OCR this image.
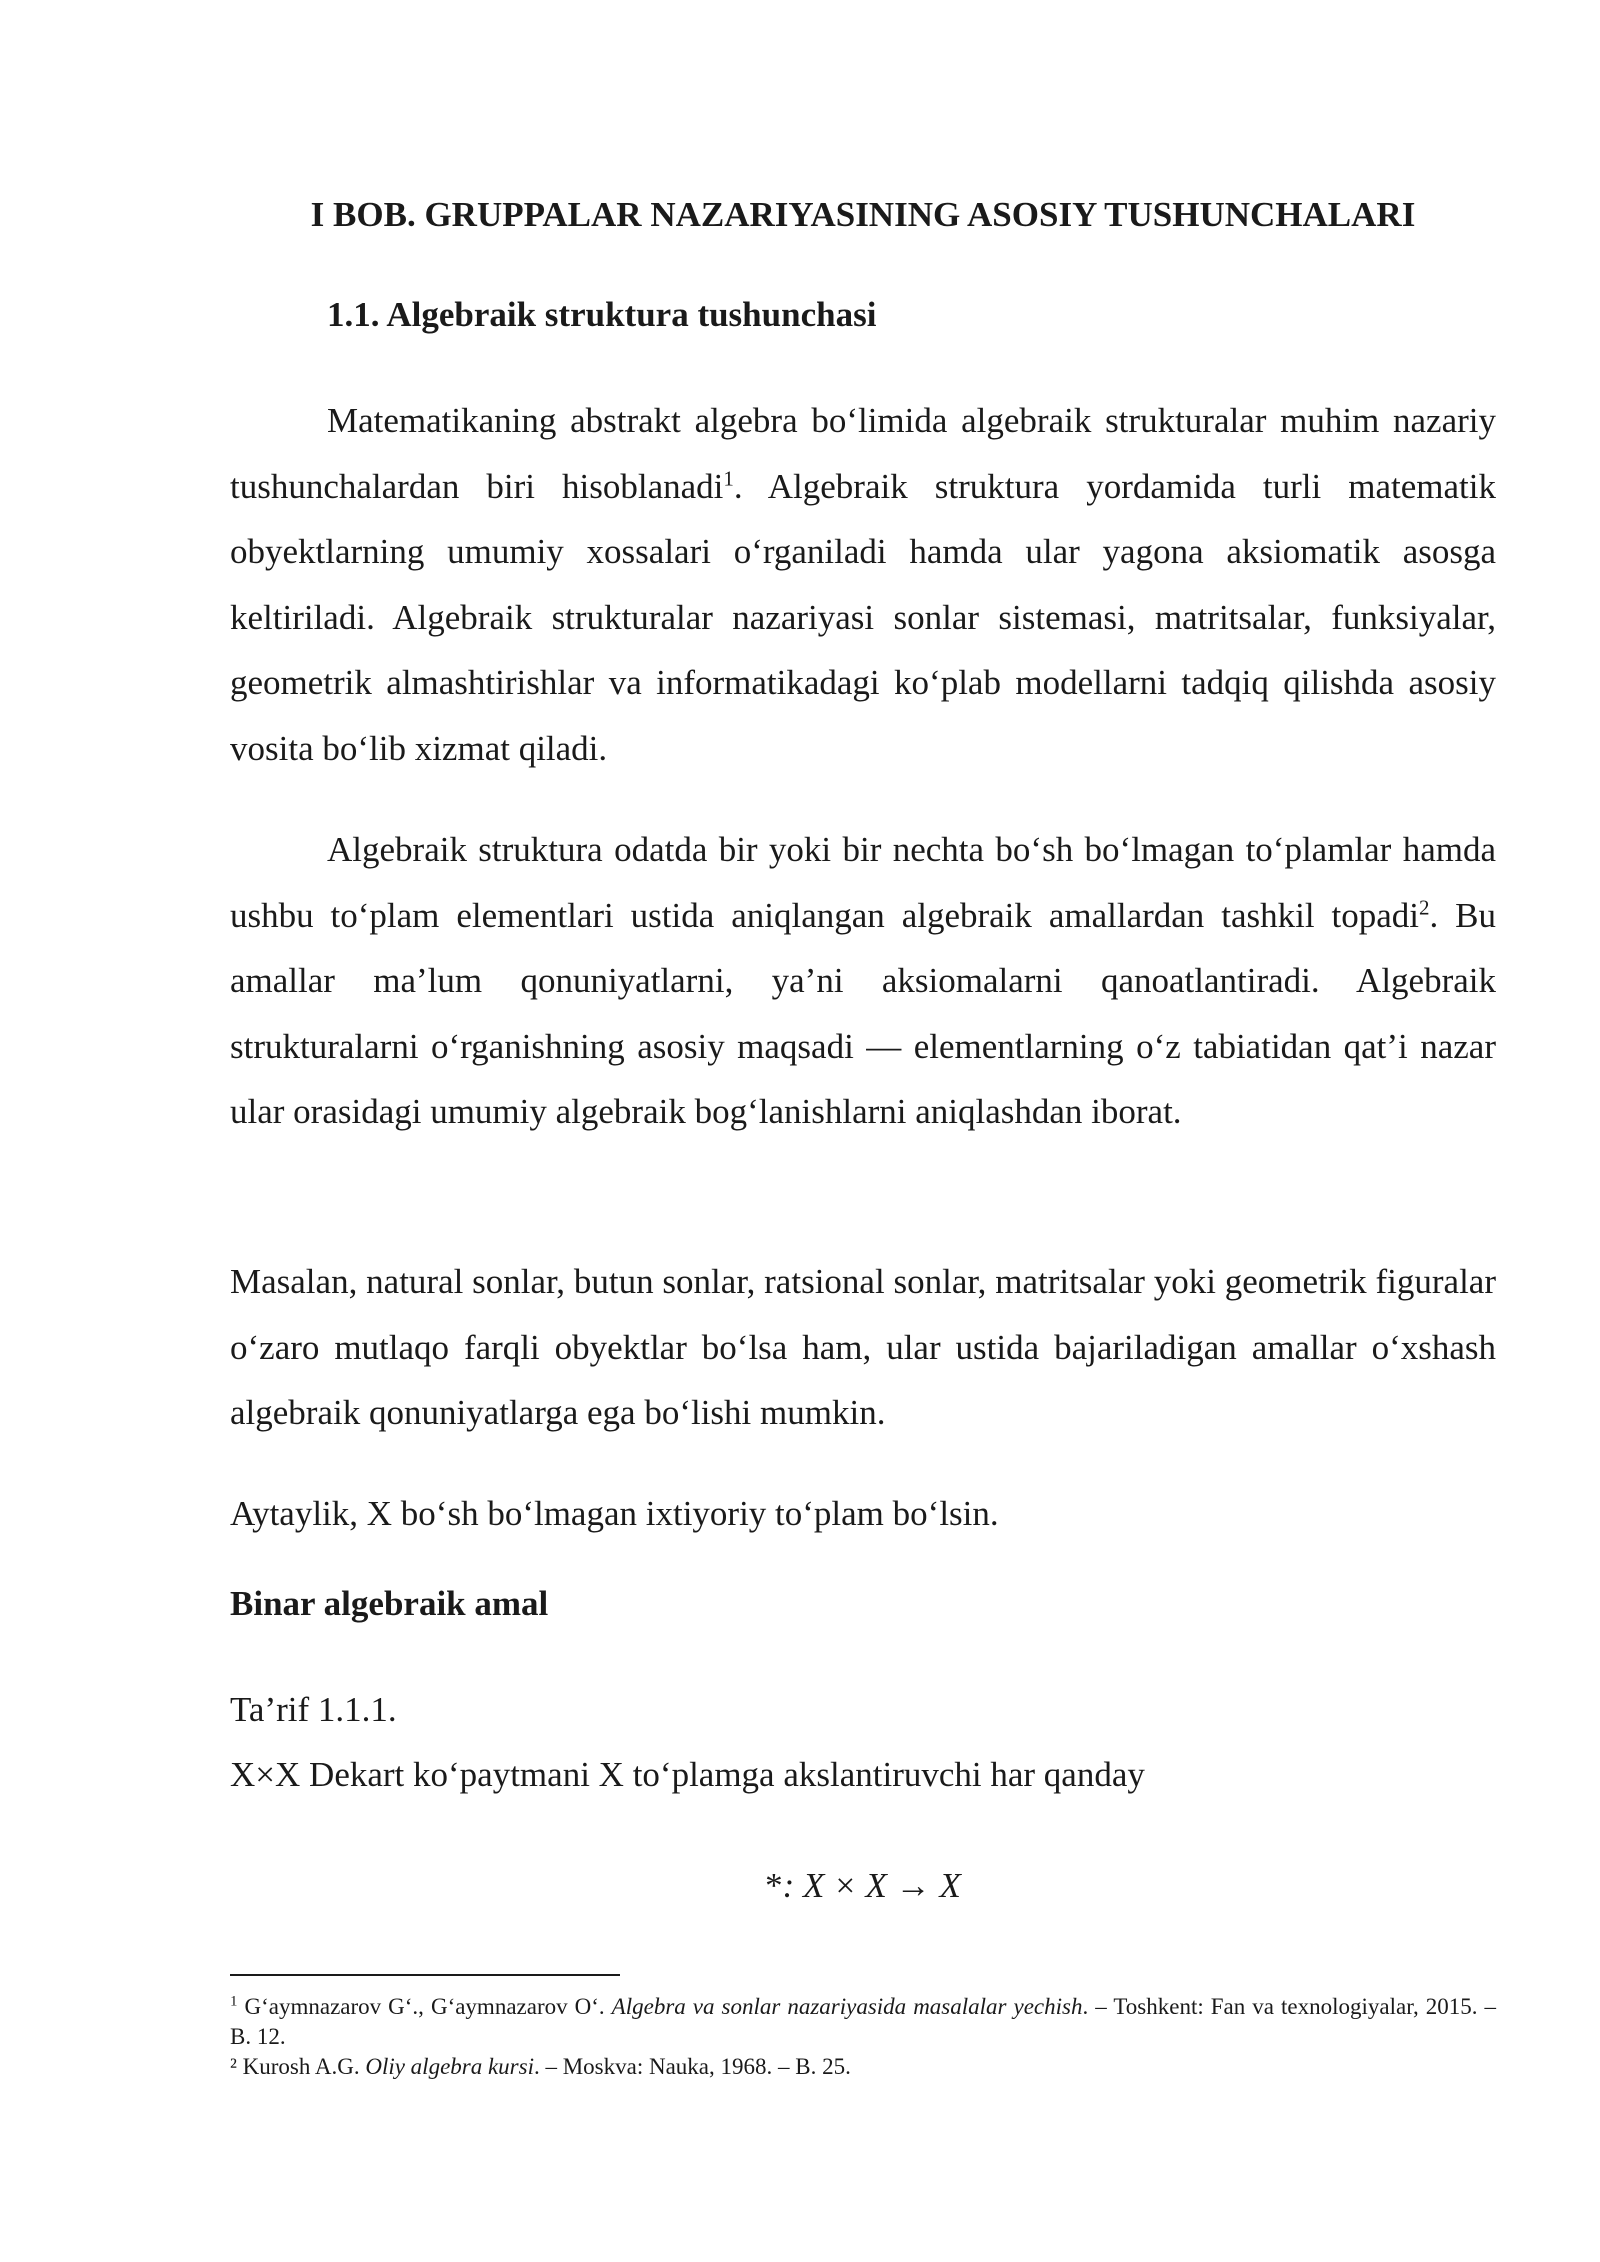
I BOB. GRUPPALAR NAZARIYASINING ASOSIY TUSHUNCHALARI
1.1. Algebraik struktura tushunchasi

Matematikaning abstrakt algebra bo‘limida algebraik strukturalar muhim nazariy tushunchalardan biri hisoblanadi$^1$. Algebraik struktura yordamida turli matematik obyektlarning umumiy xossalari o‘rganiladi hamda ular yagona aksiomatik asosga keltiriladi. Algebraik strukturalar nazariyasi sonlar sistemasi, matritsalar, funksiyalar, geometrik almashtirishlar va informatikadagi ko‘plab modellarni tadqiq qilishda asosiy vosita bo‘lib xizmat qiladi.

Algebraik struktura odatda bir yoki bir nechta bo‘sh bo‘lmagan to‘plamlar hamda ushbu to‘plam elementlari ustida aniqlangan algebraik amallardan tashkil topadi$^2$. Bu amallar ma’lum qonuniyatlarni, ya’ni aksiomalarni qanoatlantiradi. Algebraik strukturalarni o‘rganishning asosiy maqsadi — elementlarning o‘z tabiatidan qat’i nazar ular orasidagi umumiy algebraik bog‘lanishlarni aniqlashdan iborat.

Masalan, natural sonlar, butun sonlar, ratsional sonlar, matritsalar yoki geometrik figuralar o‘zaro mutlaqo farqli obyektlar bo‘lsa ham, ular ustida bajariladigan amallar o‘xshash algebraik qonuniyatlarga ega bo‘lishi mumkin.

Aytaylik, X bo‘sh bo‘lmagan ixtiyoriy to‘plam bo‘lsin.

Binar algebraik amal

Ta’rif 1.1.1.

X×X Dekart ko‘paytmani X to‘plamga akslantiruvchi har qanday

*: X × X → X

$^1$ G‘aymnazarov G‘., G‘aymnazarov O‘. Algebra va sonlar nazariyasida masalalar yechish. – Toshkent: Fan va texnologiyalar, 2015. – B. 12.

² Kurosh A.G. Oliy algebra kursi. – Moskva: Nauka, 1968. – B. 25.
